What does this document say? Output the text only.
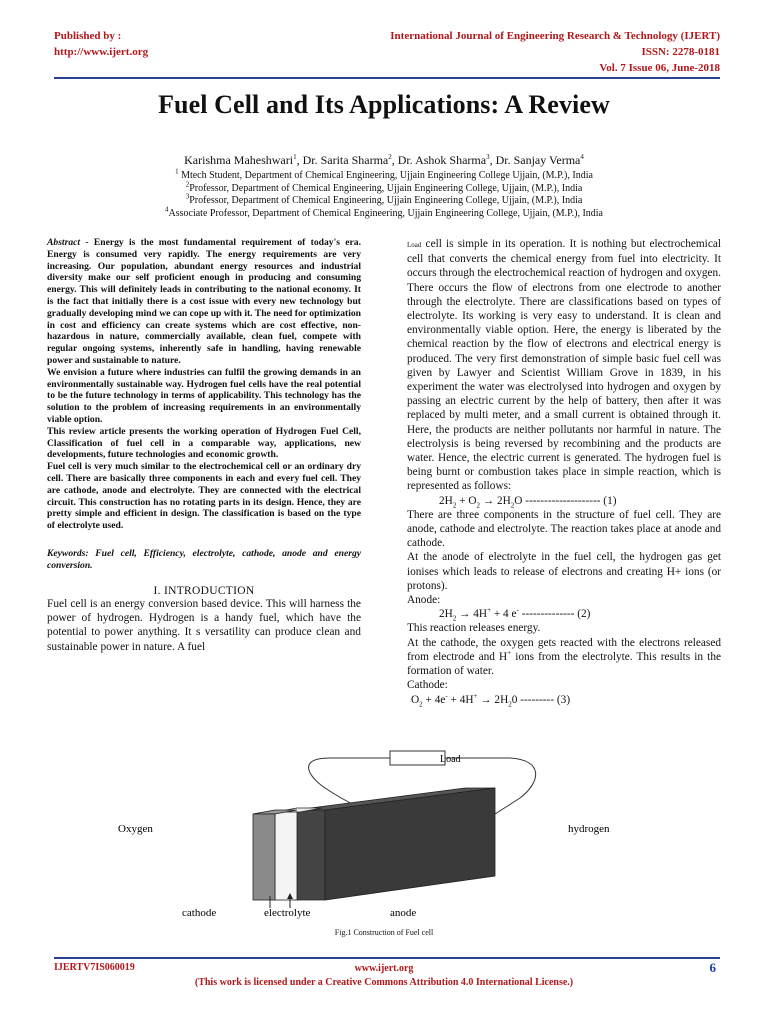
Published by :
http://www.ijert.org
International Journal of Engineering Research & Technology (IJERT)
ISSN: 2278-0181
Vol. 7 Issue 06, June-2018
Fuel Cell and Its Applications: A Review
Karishma Maheshwari$^1$, Dr. Sarita Sharma$^2$, Dr. Ashok Sharma$^3$, Dr. Sanjay Verma$^4$
$^1$ Mtech Student, Department of Chemical Engineering, Ujjain Engineering College Ujjain, (M.P.), India
$^2$Professor, Department of Chemical Engineering, Ujjain Engineering College, Ujjain, (M.P.), India
$^3$Professor, Department of Chemical Engineering, Ujjain Engineering College, Ujjain, (M.P.), India
$^4$Associate Professor, Department of Chemical Engineering, Ujjain Engineering College, Ujjain, (M.P.), India

Abstract - Energy is the most fundamental requirement of today's era. Energy is consumed very rapidly. The energy requirements are very increasing. Our population, abundant energy resources and industrial diversity make our self proficient enough in producing and consuming energy. This will definitely leads in contributing to the national economy. It is the fact that initially there is a cost issue with every new technology but gradually developing mind we can cope up with it. The need for optimization in cost and efficiency can create systems which are cost effective, non- hazardous in nature, commercially available, clean fuel, compete with regular ongoing systems, inherently safe in handling, having renewable power and sustainable to nature.

We envision a future where industries can fulfil the growing demands in an environmentally sustainable way. Hydrogen fuel cells have the real potential to be the future technology in terms of applicability. This technology has the solution to the problem of increasing requirements in an environmentally viable option.

This review article presents the working operation of Hydrogen Fuel Cell, Classification of fuel cell in a comparable way, applications, new developments, future technologies and economic growth.

Fuel cell is very much similar to the electrochemical cell or an ordinary dry cell. There are basically three components in each and every fuel cell. They are cathode, anode and electrolyte. They are connected with the electrical circuit. This construction has no rotating parts in its design. Hence, they are pretty simple and efficient in design. The classification is based on the type of electrolyte used.

Keywords: Fuel cell, Efficiency, electrolyte, cathode, anode and energy conversion.
I. INTRODUCTION
Fuel cell is an energy conversion based device. This will harness the power of hydrogen. Hydrogen is a handy fuel, which have the potential to power anything. It s versatility can produce clean and sustainable power in nature. A fuel

Load cell is simple in its operation. It is nothing but electrochemical cell that converts the chemical energy from fuel into electricity. It occurs through the electrochemical reaction of hydrogen and oxygen. There occurs the flow of electrons from one electrode to another through the electrolyte. There are classifications based on types of electrolyte. Its working is very easy to understand. It is clean and environmentally viable option. Here, the energy is liberated by the chemical reaction by the flow of electrons and electrical energy is produced. The very first demonstration of simple basic fuel cell was given by Lawyer and Scientist William Grove in 1839, in his experiment the water was electrolysed into hydrogen and oxygen by passing an electric current by the help of battery, then after it was replaced by multi meter, and a small current is obtained through it. Here, the products are neither pollutants nor harmful in nature. The electrolysis is being reversed by recombining and the products are water. Hence, the electric current is generated. The hydrogen fuel is being burnt or combustion takes place in simple reaction, which is represented as follows:

$2H_2 + O_2 \to 2H_2O$ -------------------- (1)

There are three components in the structure of fuel cell. They are anode, cathode and electrolyte. The reaction takes place at anode and cathode.

At the anode of electrolyte in the fuel cell, the hydrogen gas get ionises which leads to release of electrons and creating H+ ions (or protons).

Anode:

$2H_2 \to 4H^+ + 4$ e- -------------- (2)

This reaction releases energy.

At the cathode, the oxygen gets reacted with the electrons released from electrode and H+ ions from the electrolyte. This results in the formation of water.

Cathode:

$O_2 + 4e^- + 4H^+ \to 2H_20$ --------- (3)
Load
Oxygen	hydrogen
cathode	electrolyte	anode
Fig.1 Construction of Fuel cell
IJERTV7IS060019	www.ijert.org
(This work is licensed under a Creative Commons Attribution 4.0 International License.)
6
